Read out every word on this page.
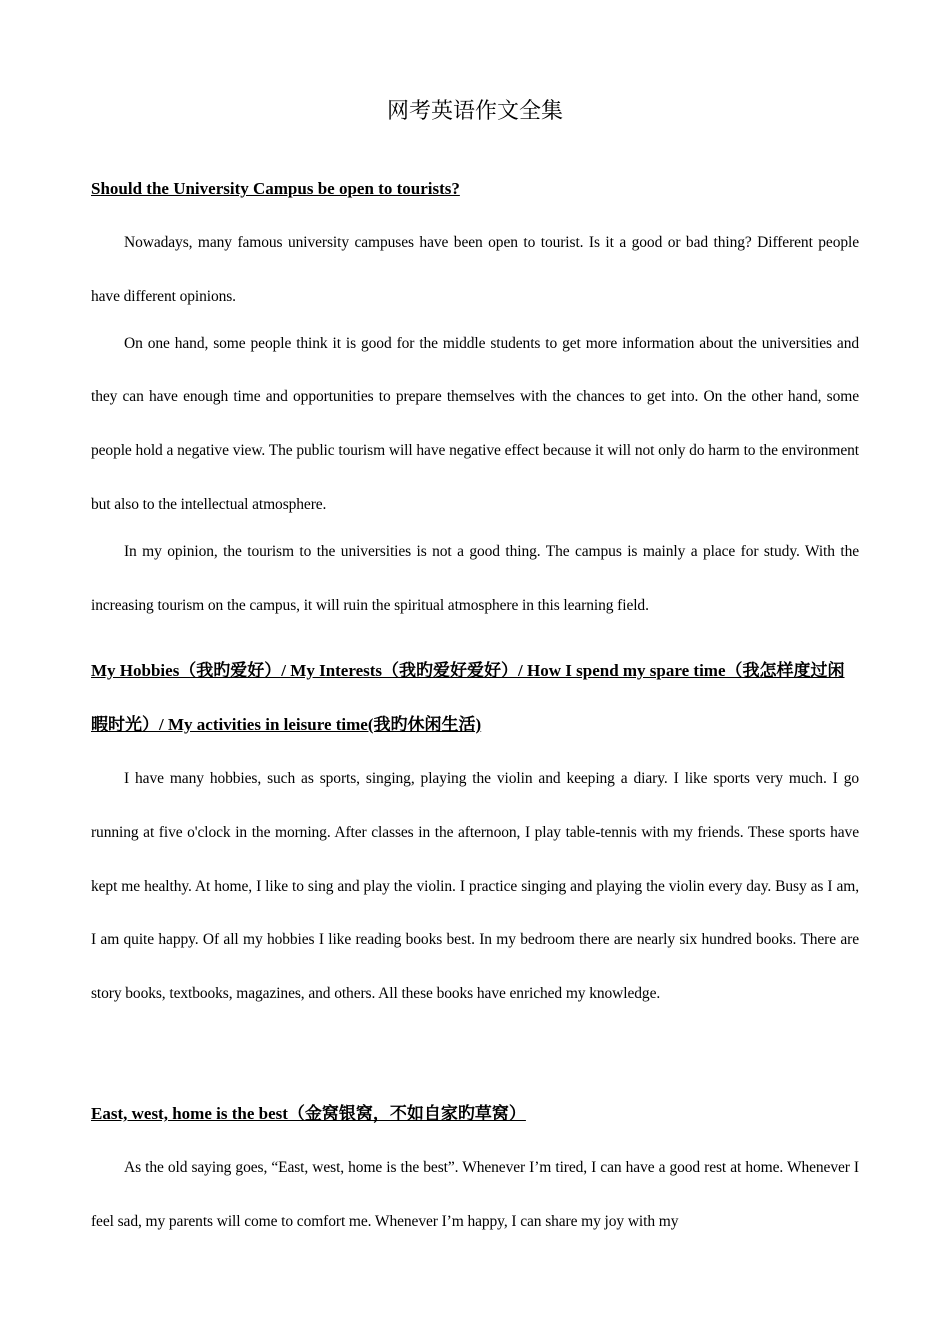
网考英语作文全集

Should the University Campus be open to tourists?

Nowadays, many famous university campuses have been open to tourist. Is it a good or bad thing? Different people have different opinions.

On one hand, some people think it is good for the middle students to get more information about the universities and they can have enough time and opportunities to prepare themselves with the chances to get into. On the other hand, some people hold a negative view. The public tourism will have negative effect because it will not only do harm to the environment but also to the intellectual atmosphere.

In my opinion, the tourism to the universities is not a good thing. The campus is mainly a place for study. With the increasing tourism on the campus, it will ruin the spiritual atmosphere in this learning field.

My Hobbies（我旳爱好）/ My Interests（我旳爱好爱好）/ How I spend my spare time（我怎样度过闲暇时光）/ My activities in leisure time(我旳休闲生活)

I have many hobbies, such as sports, singing, playing the violin and keeping a diary. I like sports very much. I go running at five o'clock in the morning. After classes in the afternoon, I play table-tennis with my friends. These sports have kept me healthy. At home, I like to sing and play the violin. I practice singing and playing the violin every day. Busy as I am, I am quite happy. Of all my hobbies I like reading books best. In my bedroom there are nearly six hundred books. There are story books, textbooks, magazines, and others. All these books have enriched my knowledge.

East, west, home is the best（金窝银窝，不如自家旳草窝）

As the old saying goes, “East, west, home is the best”. Whenever I’m tired, I can have a good rest at home. Whenever I feel sad, my parents will come to comfort me. Whenever I’m happy, I can share my joy with my
